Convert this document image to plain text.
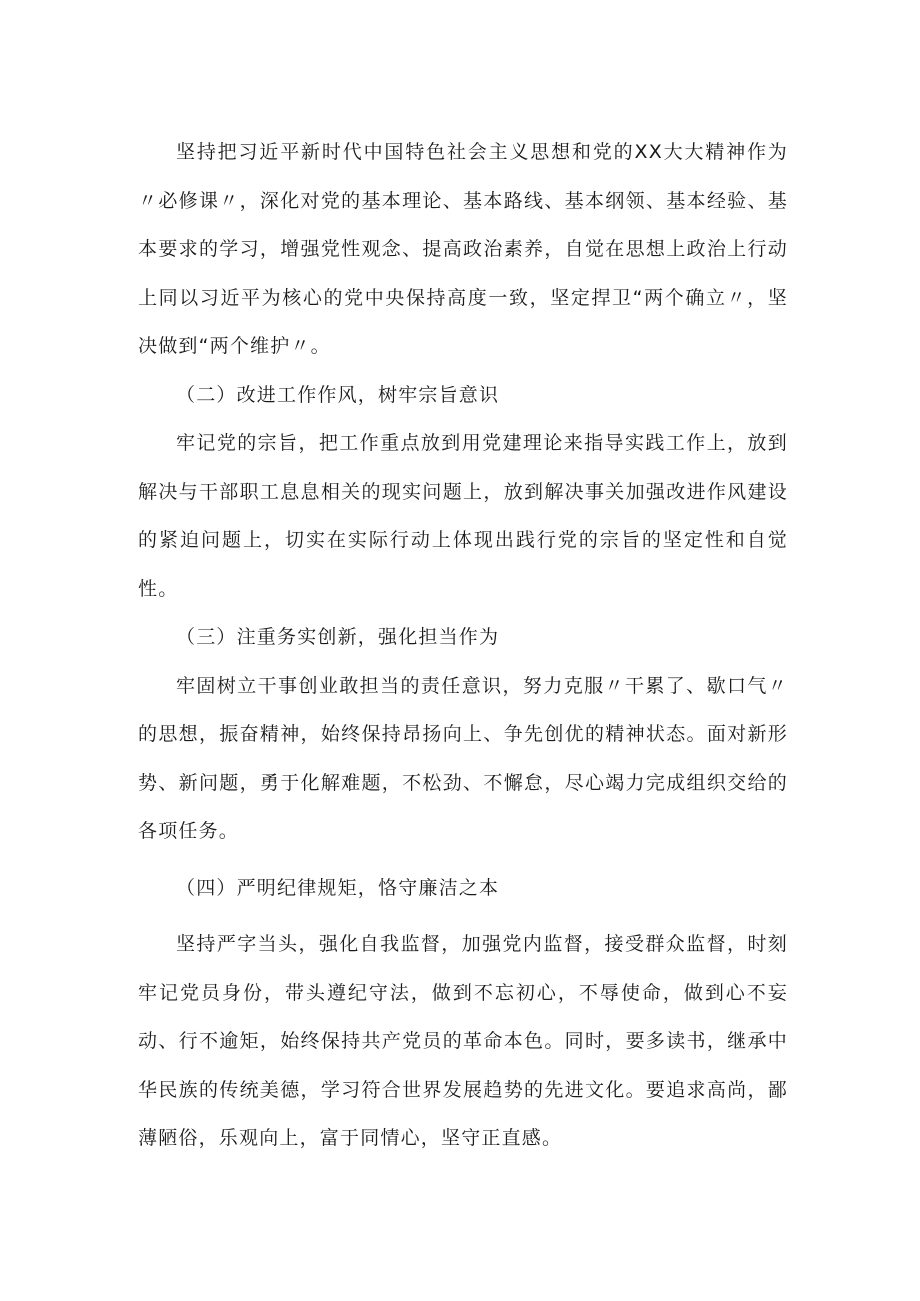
坚持把习近平新时代中国特色社会主义思想和党的XX大大精神作为〃必修课〃，深化对党的基本理论、基本路线、基本纲领、基本经验、基本要求的学习，增强党性观念、提高政治素养，自觉在思想上政治上行动上同以习近平为核心的党中央保持高度一致，坚定捍卫“两个确立〃，坚决做到“两个维护〃。

（二）改进工作作风，树牢宗旨意识

牢记党的宗旨，把工作重点放到用党建理论来指导实践工作上，放到解决与干部职工息息相关的现实问题上，放到解决事关加强改进作风建设的紧迫问题上，切实在实际行动上体现出践行党的宗旨的坚定性和自觉性。

（三）注重务实创新，强化担当作为

牢固树立干事创业敢担当的责任意识，努力克服〃干累了、歇口气〃的思想，振奋精神，始终保持昂扬向上、争先创优的精神状态。面对新形势、新问题，勇于化解难题，不松劲、不懈怠，尽心竭力完成组织交给的各项任务。

（四）严明纪律规矩，恪守廉洁之本

坚持严字当头，强化自我监督，加强党内监督，接受群众监督，时刻牢记党员身份，带头遵纪守法，做到不忘初心，不辱使命，做到心不妄动、行不逾矩，始终保持共产党员的革命本色。同时，要多读书，继承中华民族的传统美德，学习符合世界发展趋势的先进文化。要追求高尚，鄙薄陋俗，乐观向上，富于同情心，坚守正直感。
